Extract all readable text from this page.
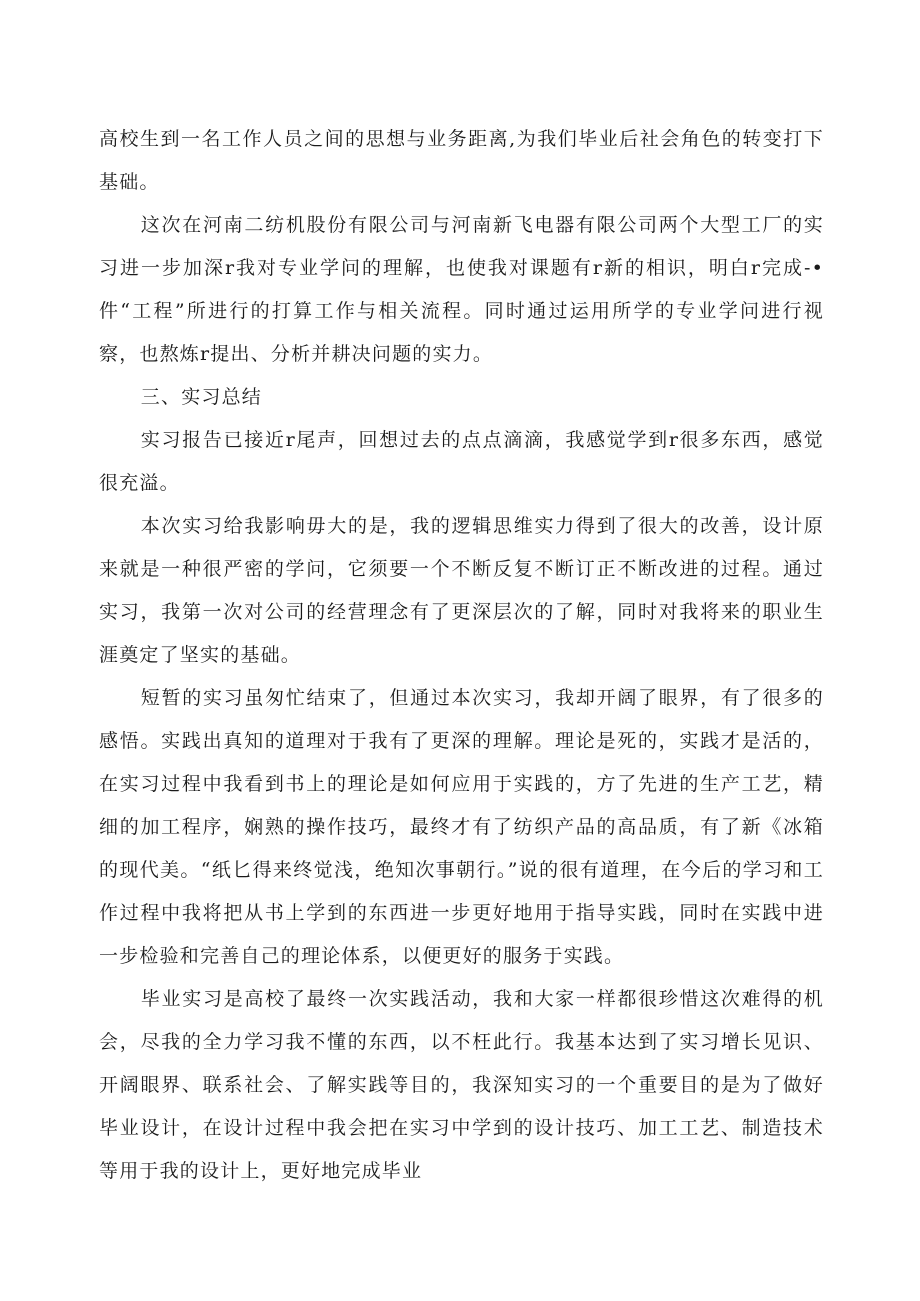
高校生到一名工作人员之间的思想与业务距离,为我们毕业后社会角色的转变打下基础。

这次在河南二纺机股份有限公司与河南新飞电器有限公司两个大型工厂的实习进一步加深r我对专业学问的理解，也使我对课题有r新的相识，明白r完成-•件“工程”所进行的打算工作与相关流程。同时通过运用所学的专业学问进行视察，也熬炼r提出、分析并耕决问题的实力。

三、实习总结

实习报告已接近r尾声，回想过去的点点滴滴，我感觉学到r很多东西，感觉很充溢。

本次实习给我影响毋大的是，我的逻辑思维实力得到了很大的改善，设计原来就是一种很严密的学问，它须要一个不断反复不断订正不断改进的过程。通过实习，我第一次对公司的经营理念有了更深层次的了解，同时对我将来的职业生涯奠定了坚实的基础。

短暂的实习虽匆忙结束了，但通过本次实习，我却开阔了眼界，有了很多的感悟。实践出真知的道理对于我有了更深的理解。理论是死的，实践才是活的，在实习过程中我看到书上的理论是如何应用于实践的，方了先进的生产工艺，精细的加工程序，娴熟的操作技巧，最终才有了纺织产品的高品质，有了新《冰箱的现代美。“纸匕得来终觉浅，绝知次事朝行。”说的很有道理，在今后的学习和工作过程中我将把从书上学到的东西进一步更好地用于指导实践，同时在实践中进一步检验和完善自己的理论体系，以便更好的服务于实践。

毕业实习是高校了最终一次实践活动，我和大家一样都很珍惜这次难得的机会，尽我的全力学习我不懂的东西，以不枉此行。我基本达到了实习增长见识、开阔眼界、联系社会、了解实践等目的，我深知实习的一个重要目的是为了做好毕业设计，在设计过程中我会把在实习中学到的设计技巧、加工工艺、制造技术等用于我的设计上，更好地完成毕业
